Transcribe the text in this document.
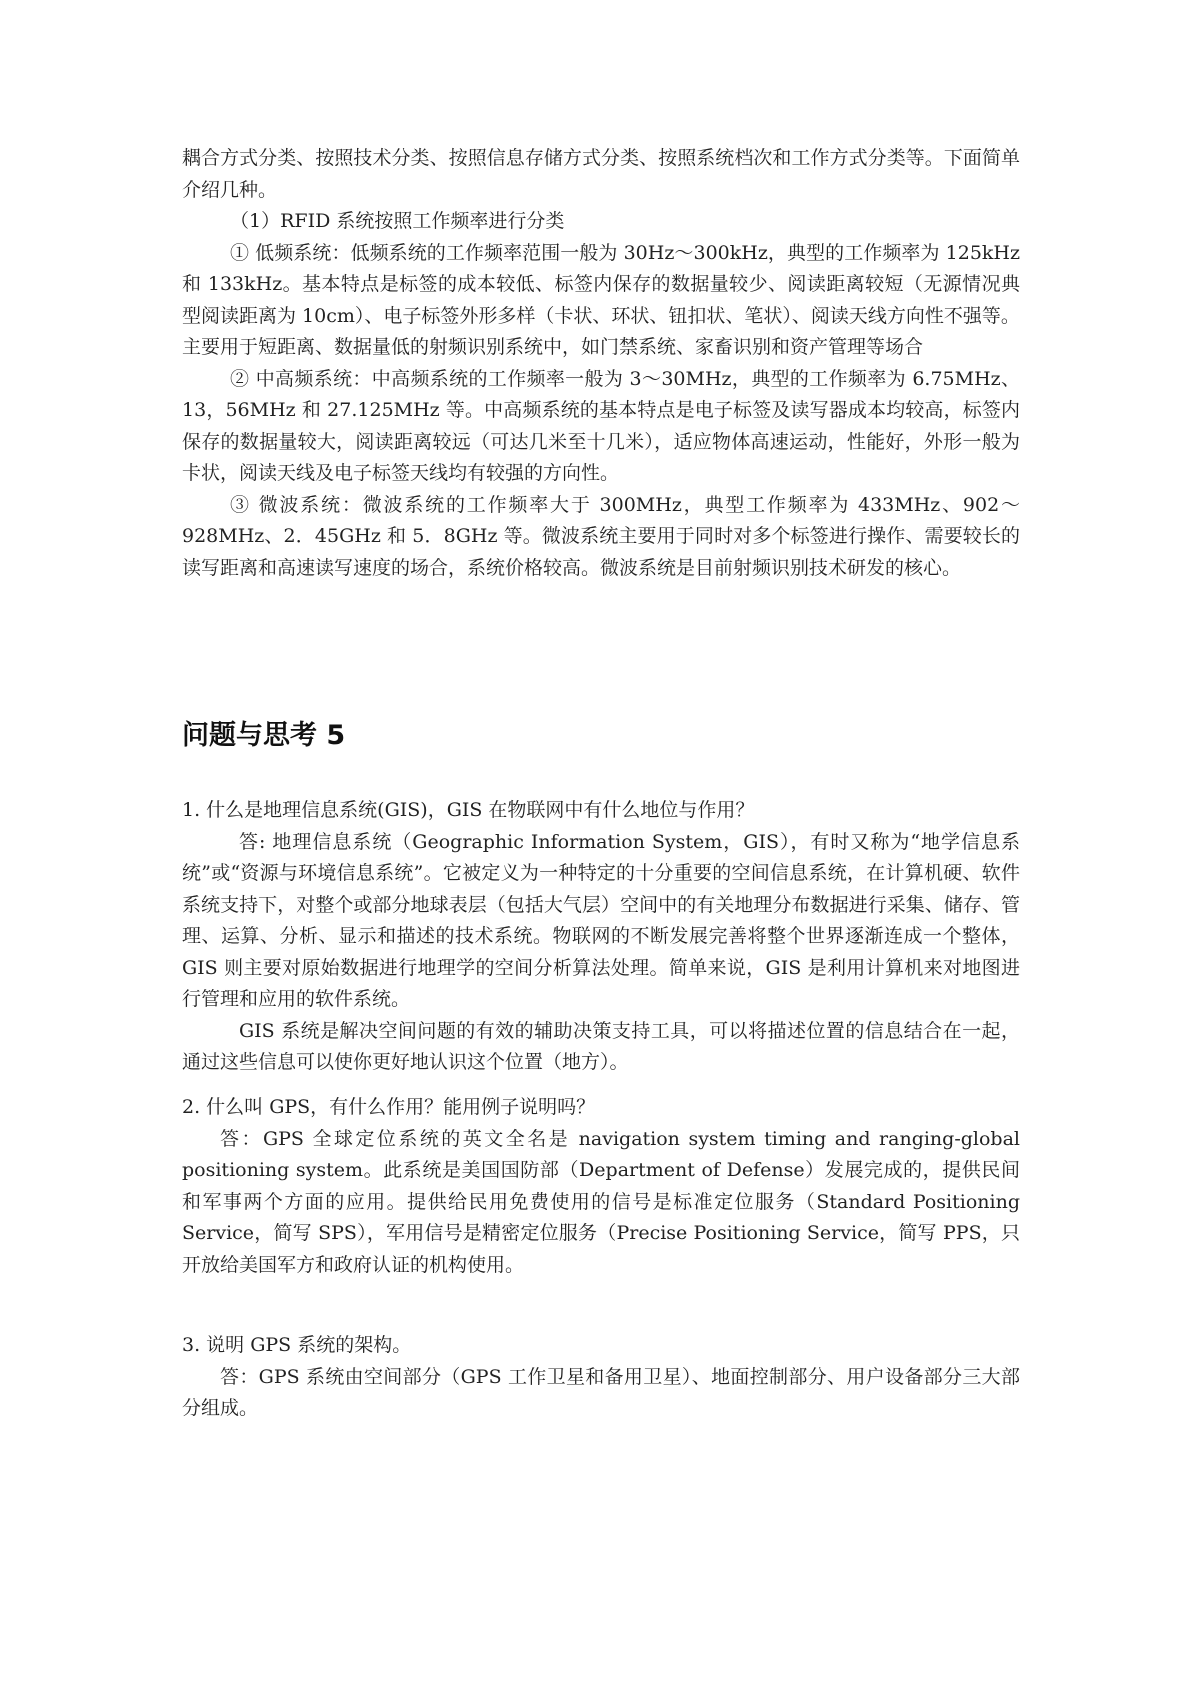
耦合方式分类、按照技术分类、按照信息存储方式分类、按照系统档次和工作方式分类等。下面简单介绍几种。

（1）RFID 系统按照工作频率进行分类

① 低频系统：低频系统的工作频率范围一般为 30Hz～300kHz，典型的工作频率为 125kHz 和 133kHz。基本特点是标签的成本较低、标签内保存的数据量较少、阅读距离较短（无源情况典型阅读距离为 10cm）、电子标签外形多样（卡状、环状、钮扣状、笔状）、阅读天线方向性不强等。

主要用于短距离、数据量低的射频识别系统中，如门禁系统、家畜识别和资产管理等场合

② 中高频系统：中高频系统的工作频率一般为 3～30MHz，典型的工作频率为 6.75MHz、13，56MHz 和 27.125MHz 等。中高频系统的基本特点是电子标签及读写器成本均较高，标签内保存的数据量较大，阅读距离较远（可达几米至十几米），适应物体高速运动，性能好，外形一般为卡状，阅读天线及电子标签天线均有较强的方向性。

③ 微波系统：微波系统的工作频率大于 300MHz，典型工作频率为 433MHz、902～928MHz、2．45GHz 和 5．8GHz 等。微波系统主要用于同时对多个标签进行操作、需要较长的读写距离和高速读写速度的场合，系统价格较高。微波系统是目前射频识别技术研发的核心。

问题与思考 5

1. 什么是地理信息系统(GIS)，GIS 在物联网中有什么地位与作用？

答: 地理信息系统（Geographic Information System，GIS），有时又称为“地学信息系统”或“资源与环境信息系统”。它被定义为一种特定的十分重要的空间信息系统，在计算机硬、软件系统支持下，对整个或部分地球表层（包括大气层）空间中的有关地理分布数据进行采集、储存、管理、运算、分析、显示和描述的技术系统。物联网的不断发展完善将整个世界逐渐连成一个整体，GIS 则主要对原始数据进行地理学的空间分析算法处理。简单来说，GIS 是利用计算机来对地图进行管理和应用的软件系统。

GIS 系统是解决空间问题的有效的辅助决策支持工具，可以将描述位置的信息结合在一起，通过这些信息可以使你更好地认识这个位置（地方）。

2. 什么叫 GPS，有什么作用？能用例子说明吗？

答：GPS 全球定位系统的英文全名是 navigation system timing and ranging-global positioning system。此系统是美国国防部（Department of Defense）发展完成的，提供民间和军事两个方面的应用。提供给民用免费使用的信号是标准定位服务（Standard Positioning Service，简写 SPS），军用信号是精密定位服务（Precise Positioning Service，简写 PPS，只开放给美国军方和政府认证的机构使用。

3. 说明 GPS 系统的架构。

答：GPS 系统由空间部分（GPS 工作卫星和备用卫星）、地面控制部分、用户设备部分三大部分组成。
